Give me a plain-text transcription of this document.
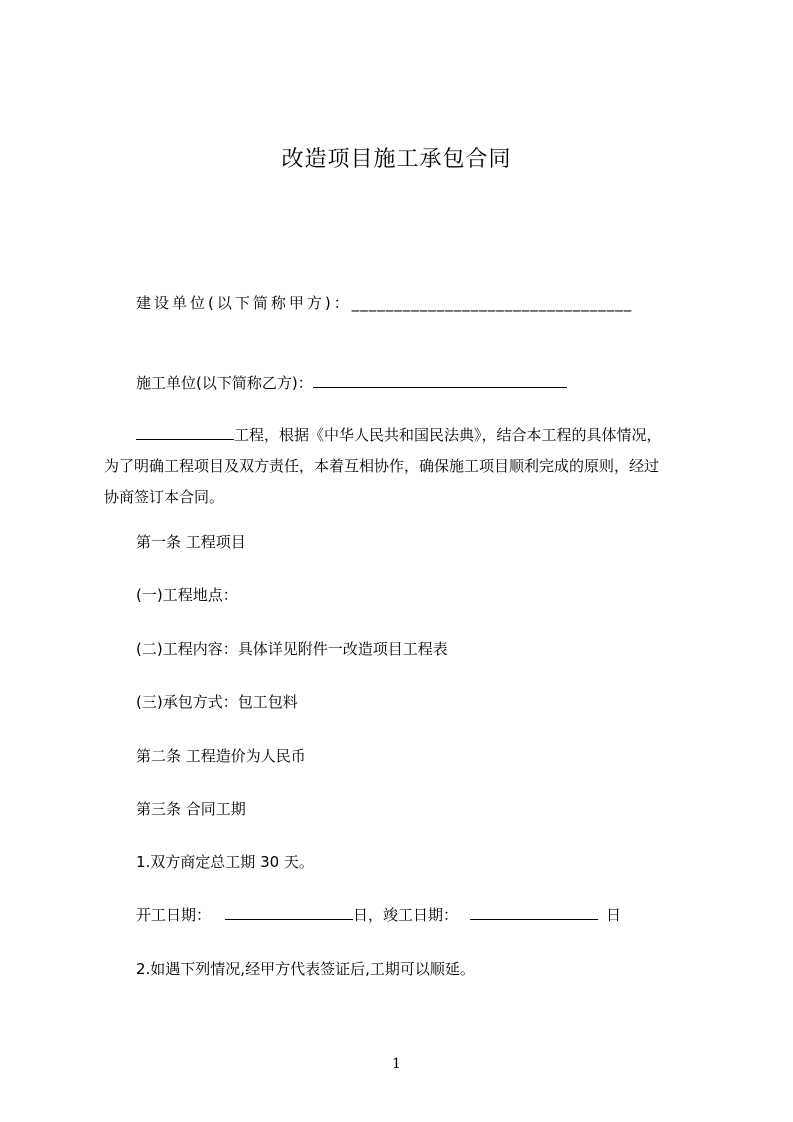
改造项目施工承包合同
建设单位(以下简称甲方)：_________________________________
施工单位(以下简称乙方)：
工程，根据《中华人民共和国民法典》，结合本工程的具体情况，
为了明确工程项目及双方责任，本着互相协作，确保施工项目顺利完成的原则，经过
协商签订本合同。
第一条 工程项目
(一)工程地点：
(二)工程内容：具体详见附件一改造项目工程表
(三)承包方式：包工包料
第二条 工程造价为人民币
第三条 合同工期
1.双方商定总工期 30 天。
开工日期：	日，竣工日期：	日
2.如遇下列情况,经甲方代表签证后,工期可以顺延。
1
